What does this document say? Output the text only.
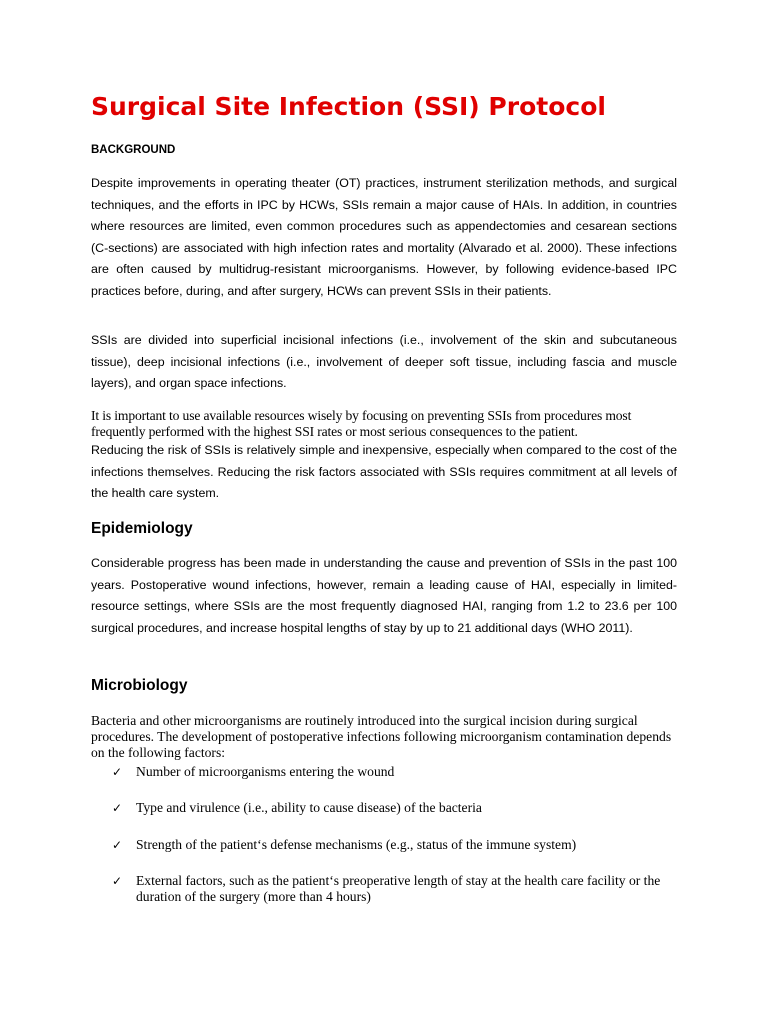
Surgical Site Infection (SSI) Protocol

BACKGROUND

Despite improvements in operating theater (OT) practices, instrument sterilization methods, and surgical techniques, and the efforts in IPC by HCWs, SSIs remain a major cause of HAIs. In addition, in countries where resources are limited, even common procedures such as appendectomies and cesarean sections (C-sections) are associated with high infection rates and mortality (Alvarado et al. 2000). These infections are often caused by multidrug-resistant microorganisms. However, by following evidence-based IPC practices before, during, and after surgery, HCWs can prevent SSIs in their patients.

SSIs are divided into superficial incisional infections (i.e., involvement of the skin and subcutaneous tissue), deep incisional infections (i.e., involvement of deeper soft tissue, including fascia and muscle layers), and organ space infections.

It is important to use available resources wisely by focusing on preventing SSIs from procedures most frequently performed with the highest SSI rates or most serious consequences to the patient.

Reducing the risk of SSIs is relatively simple and inexpensive, especially when compared to the cost of the infections themselves. Reducing the risk factors associated with SSIs requires commitment at all levels of the health care system.

Epidemiology

Considerable progress has been made in understanding the cause and prevention of SSIs in the past 100 years. Postoperative wound infections, however, remain a leading cause of HAI, especially in limited-resource settings, where SSIs are the most frequently diagnosed HAI, ranging from 1.2 to 23.6 per 100 surgical procedures, and increase hospital lengths of stay by up to 21 additional days (WHO 2011).

Microbiology

Bacteria and other microorganisms are routinely introduced into the surgical incision during surgical procedures. The development of postoperative infections following microorganism contamination depends on the following factors:

✓ Number of microorganisms entering the wound
✓ Type and virulence (i.e., ability to cause disease) of the bacteria
✓ Strength of the patient‘s defense mechanisms (e.g., status of the immune system)
✓ External factors, such as the patient‘s preoperative length of stay at the health care facility or the duration of the surgery (more than 4 hours)
